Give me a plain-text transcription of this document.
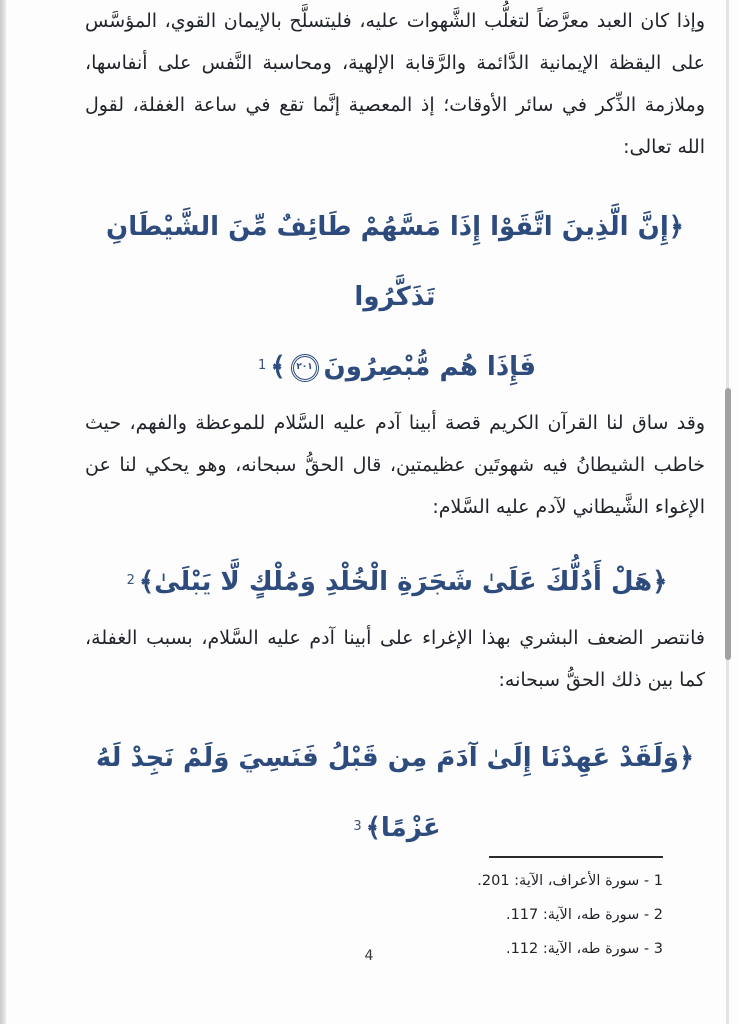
وإذا كان العبد معرَّضاً لتغلُّب الشَّهوات عليه، فليتسلَّح بالإيمان القوي، المؤسَّس على اليقظة الإيمانية الدَّائمة والرَّقابة الإلهية، ومحاسبة النَّفس على أنفاسها، وملازمة الذِّكر في سائر الأوقات؛ إذ المعصية إنَّما تقع في ساعة الغفلة، لقول الله تعالى:

﴿إِنَّ الَّذِينَ اتَّقَوْا إِذَا مَسَّهُمْ طَائِفٌ مِّنَ الشَّيْطَانِ تَذَكَّرُوا
فَإِذَا هُم مُّبْصِرُونَ
٢٠١
﴾$^1$

وقد ساق لنا القرآن الكريم قصة أبينا آدم عليه السَّلام للموعظة والفهم، حيث خاطب الشيطانُ فيه شهوتَين عظيمتين، قال الحقُّ سبحانه، وهو يحكي لنا عن الإغواء الشَّيطاني لآدم عليه السَّلام:

﴿هَلْ أَدُلُّكَ عَلَىٰ شَجَرَةِ الْخُلْدِ وَمُلْكٍ لَّا يَبْلَىٰ﴾$^2$

فانتصر الضعف البشري بهذا الإغراء على أبينا آدم عليه السَّلام، بسبب الغفلة، كما بين ذلك الحقُّ سبحانه:

﴿وَلَقَدْ عَهِدْنَا إِلَىٰ آدَمَ مِن قَبْلُ فَنَسِيَ وَلَمْ نَجِدْ لَهُ عَزْمًا﴾$^3$
1 - سورة الأعراف، الآية: 201.
2 - سورة طه، الآية: 117.
3 - سورة طه، الآية: 112.
4
